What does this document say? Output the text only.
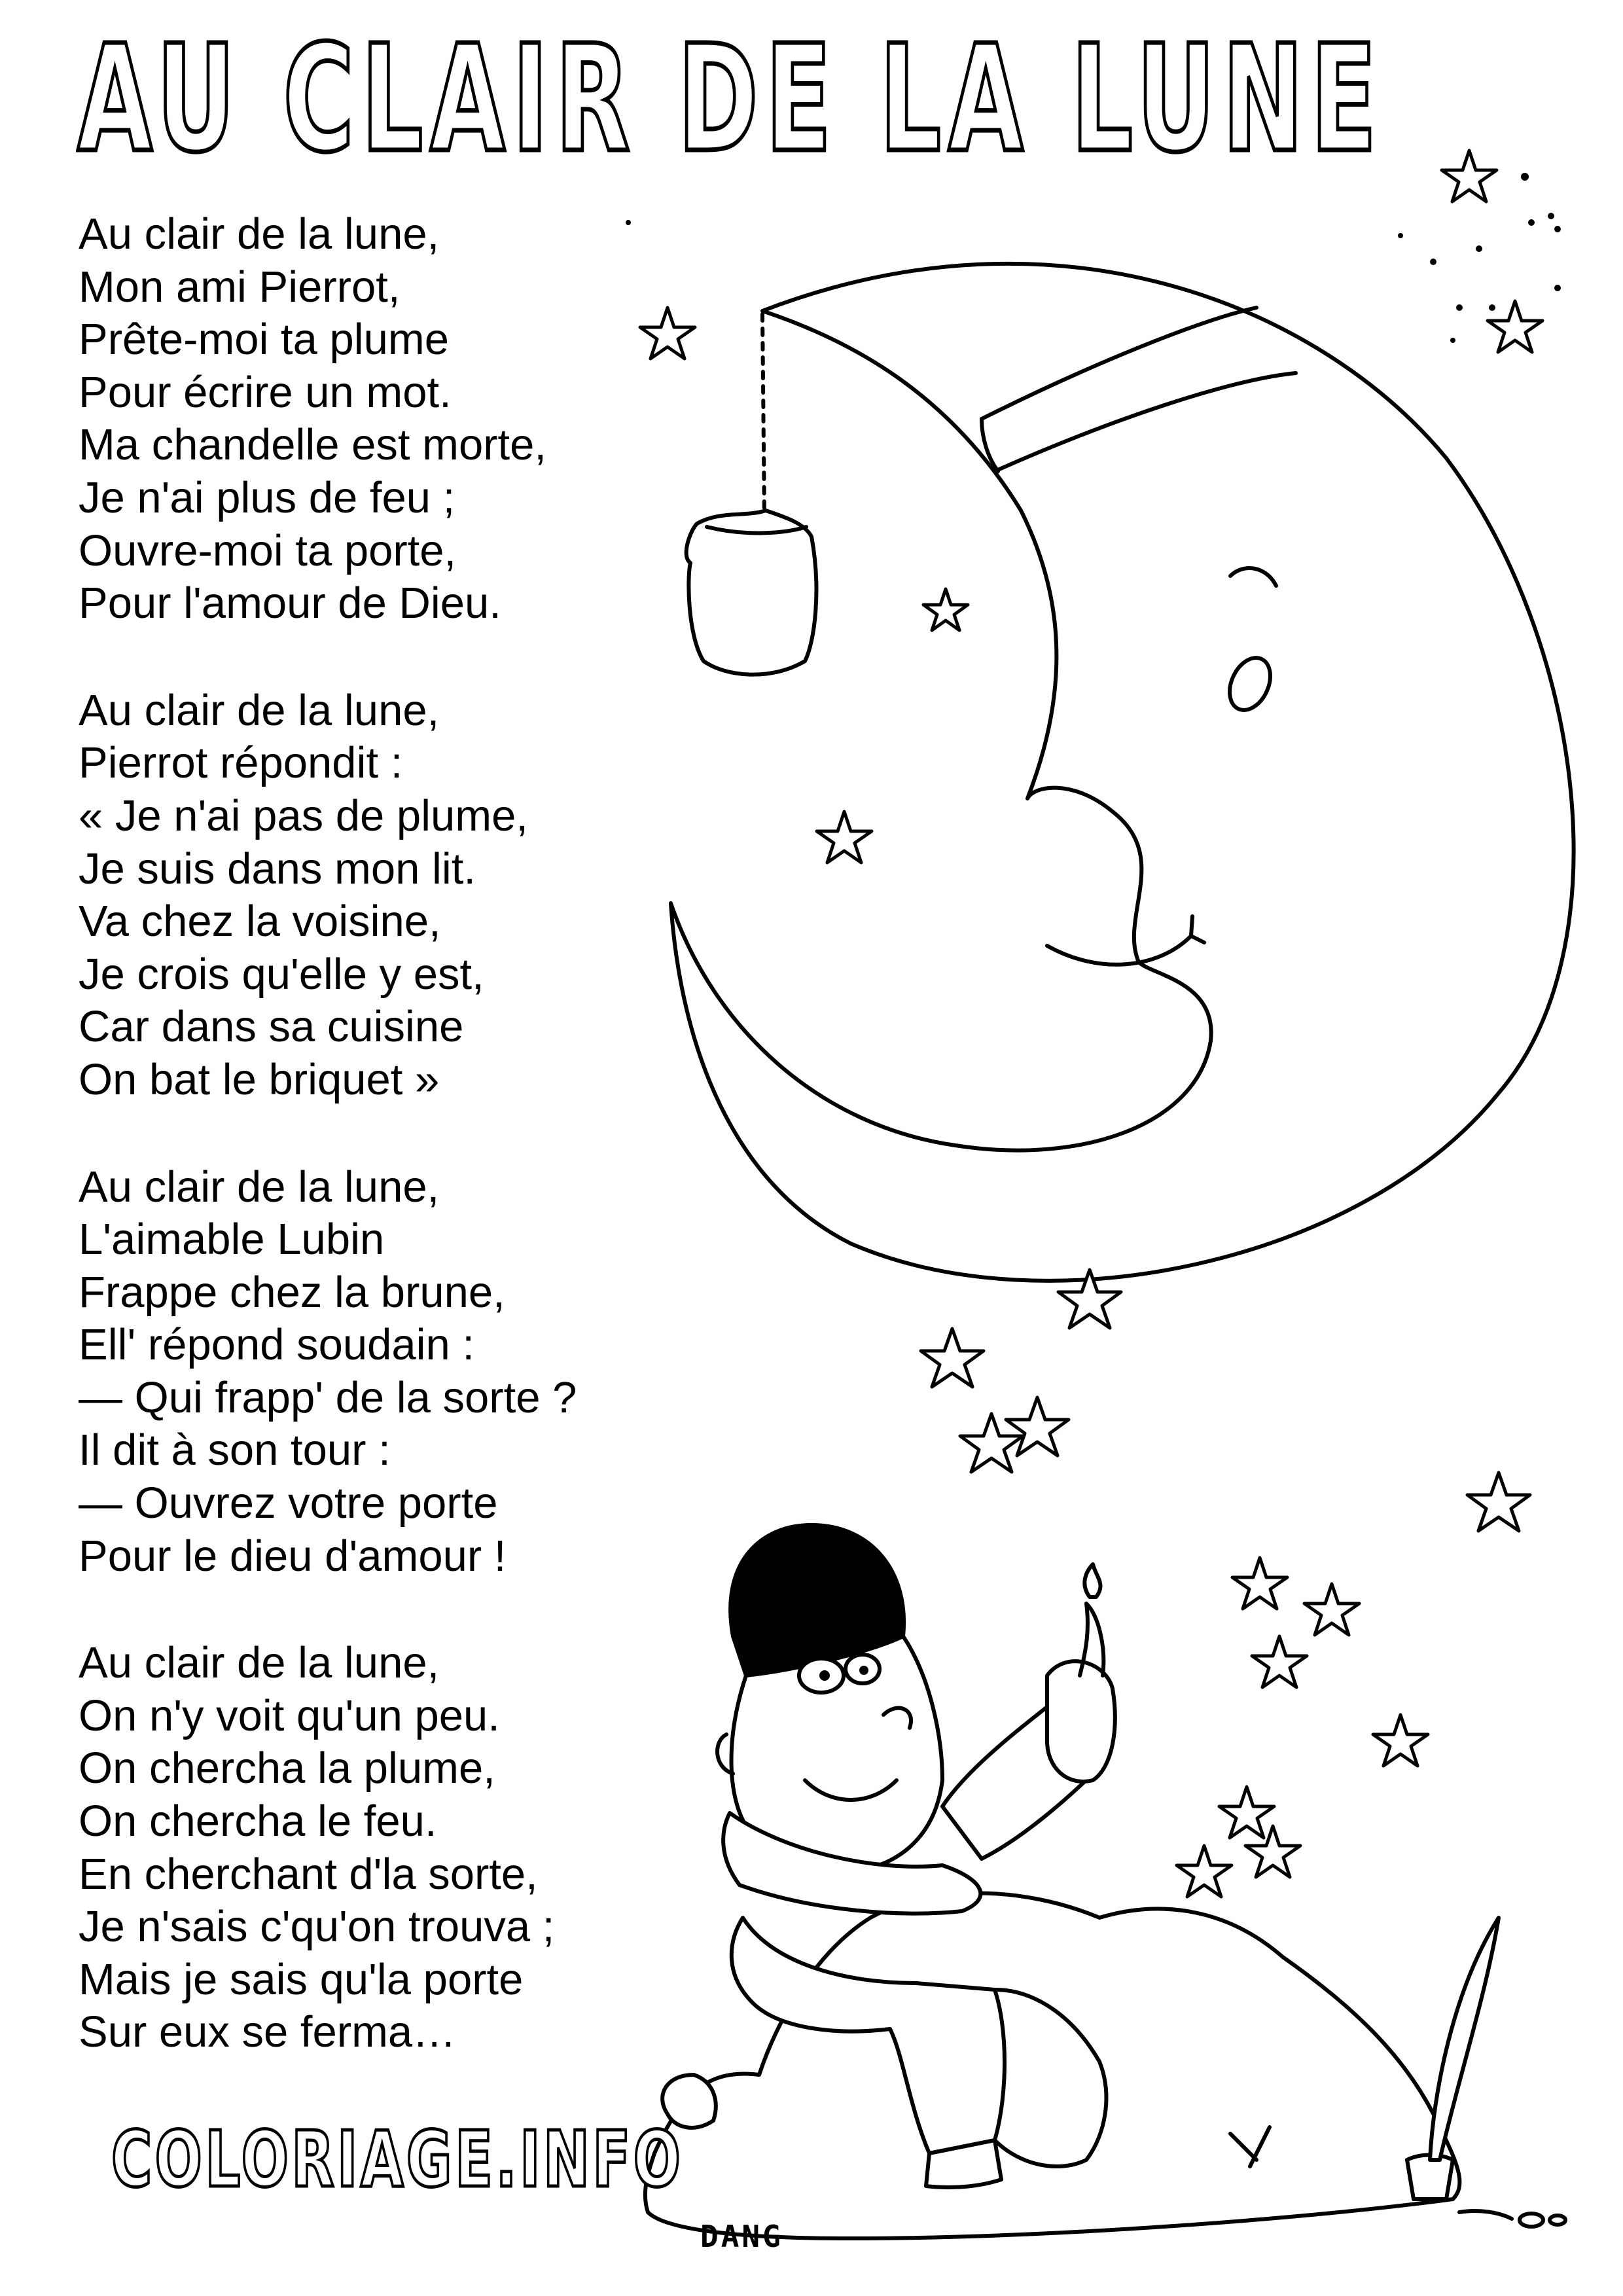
AU CLAIR DE LA LUNE
Au clair de la lune,
Mon ami Pierrot,
Prête-moi ta plume
Pour écrire un mot.
Ma chandelle est morte,
Je n'ai plus de feu ;
Ouvre-moi ta porte,
Pour l'amour de Dieu.
Au clair de la lune,
Pierrot répondit :
« Je n'ai pas de plume,
Je suis dans mon lit.
Va chez la voisine,
Je crois qu'elle y est,
Car dans sa cuisine
On bat le briquet »
Au clair de la lune,
L'aimable Lubin
Frappe chez la brune,
Ell' répond soudain :
— Qui frapp' de la sorte ?
Il dit à son tour :
— Ouvrez votre porte
Pour le dieu d'amour !
Au clair de la lune,
On n'y voit qu'un peu.
On chercha la plume,
On chercha le feu.
En cherchant d'la sorte,
Je n'sais c'qu'on trouva ;
Mais je sais qu'la porte
Sur eux se ferma…
DANG
COLORIAGE.INFO
